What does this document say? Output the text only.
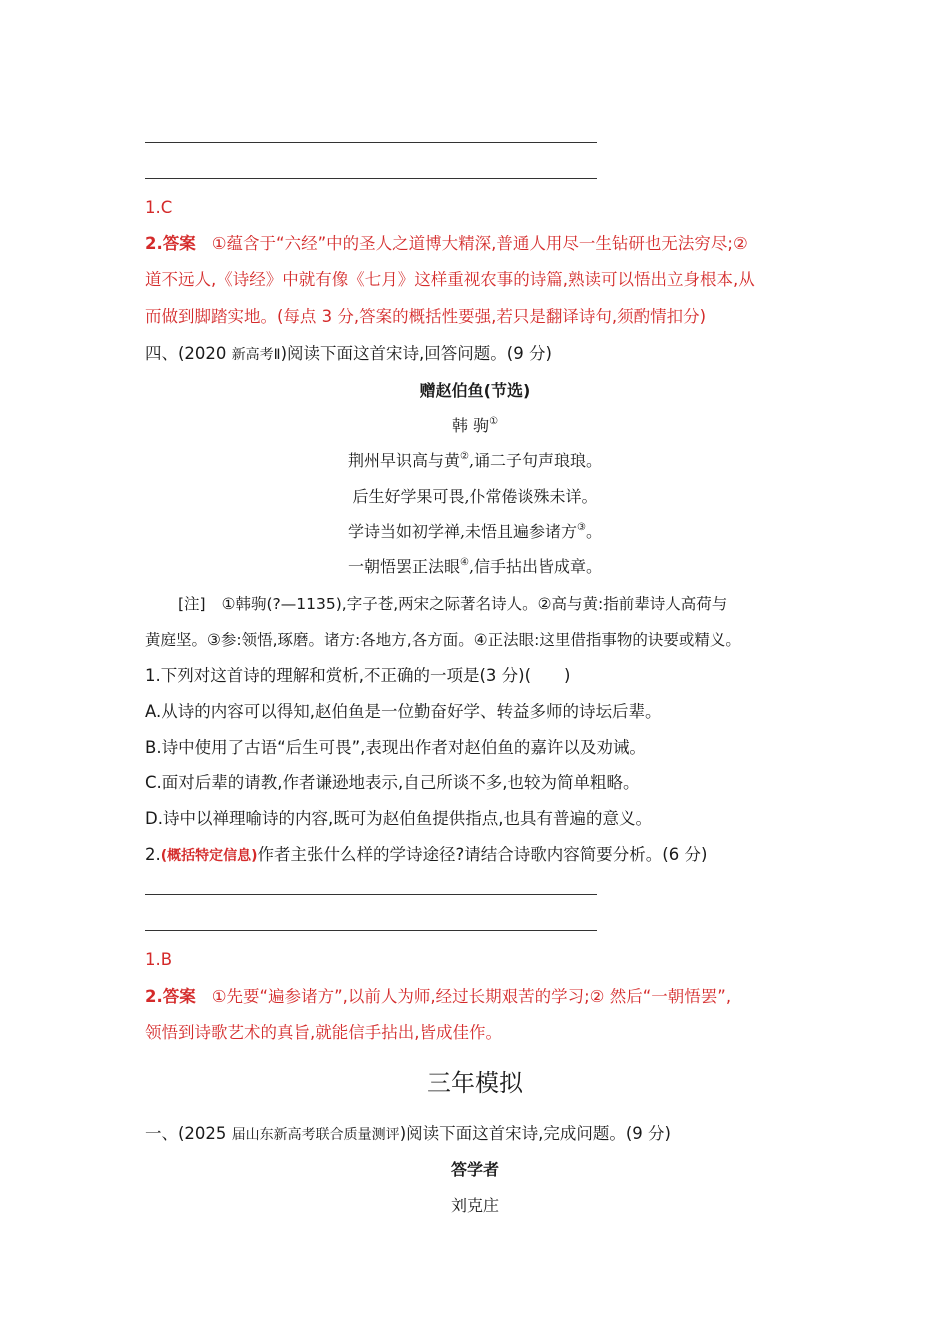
1.C
2.答案 ①蕴含于“六经”中的圣人之道博大精深,普通人用尽一生钻研也无法穷尽;②
道不远人,《诗经》中就有像《七月》这样重视农事的诗篇,熟读可以悟出立身根本,从
而做到脚踏实地。(每点 3 分,答案的概括性要强,若只是翻译诗句,须酌情扣分)
四、(2020 新高考Ⅱ)阅读下面这首宋诗,回答问题。(9 分)
赠赵伯鱼(节选)
韩 驹①
荆州早识高与黄②,诵二子句声琅琅。
后生好学果可畏,仆常倦谈殊未详。
学诗当如初学禅,未悟且遍参诸方③。
一朝悟罢正法眼④,信手拈出皆成章。
[注] ①韩驹(?—1135),字子苍,两宋之际著名诗人。②高与黄:指前辈诗人高荷与
黄庭坚。③参:领悟,琢磨。诸方:各地方,各方面。④正法眼:这里借指事物的诀要或精义。
1.下列对这首诗的理解和赏析,不正确的一项是(3 分)(　　)
A.从诗的内容可以得知,赵伯鱼是一位勤奋好学、转益多师的诗坛后辈。
B.诗中使用了古语“后生可畏”,表现出作者对赵伯鱼的嘉许以及劝诫。
C.面对后辈的请教,作者谦逊地表示,自己所谈不多,也较为简单粗略。
D.诗中以禅理喻诗的内容,既可为赵伯鱼提供指点,也具有普遍的意义。
2.(概括特定信息)作者主张什么样的学诗途径?请结合诗歌内容简要分析。(6 分)
1.B
2.答案 ①先要“遍参诸方”,以前人为师,经过长期艰苦的学习;② 然后“一朝悟罢”,
领悟到诗歌艺术的真旨,就能信手拈出,皆成佳作。
三年模拟
一、(2025 届山东新高考联合质量测评)阅读下面这首宋诗,完成问题。(9 分)
答学者
刘克庄
